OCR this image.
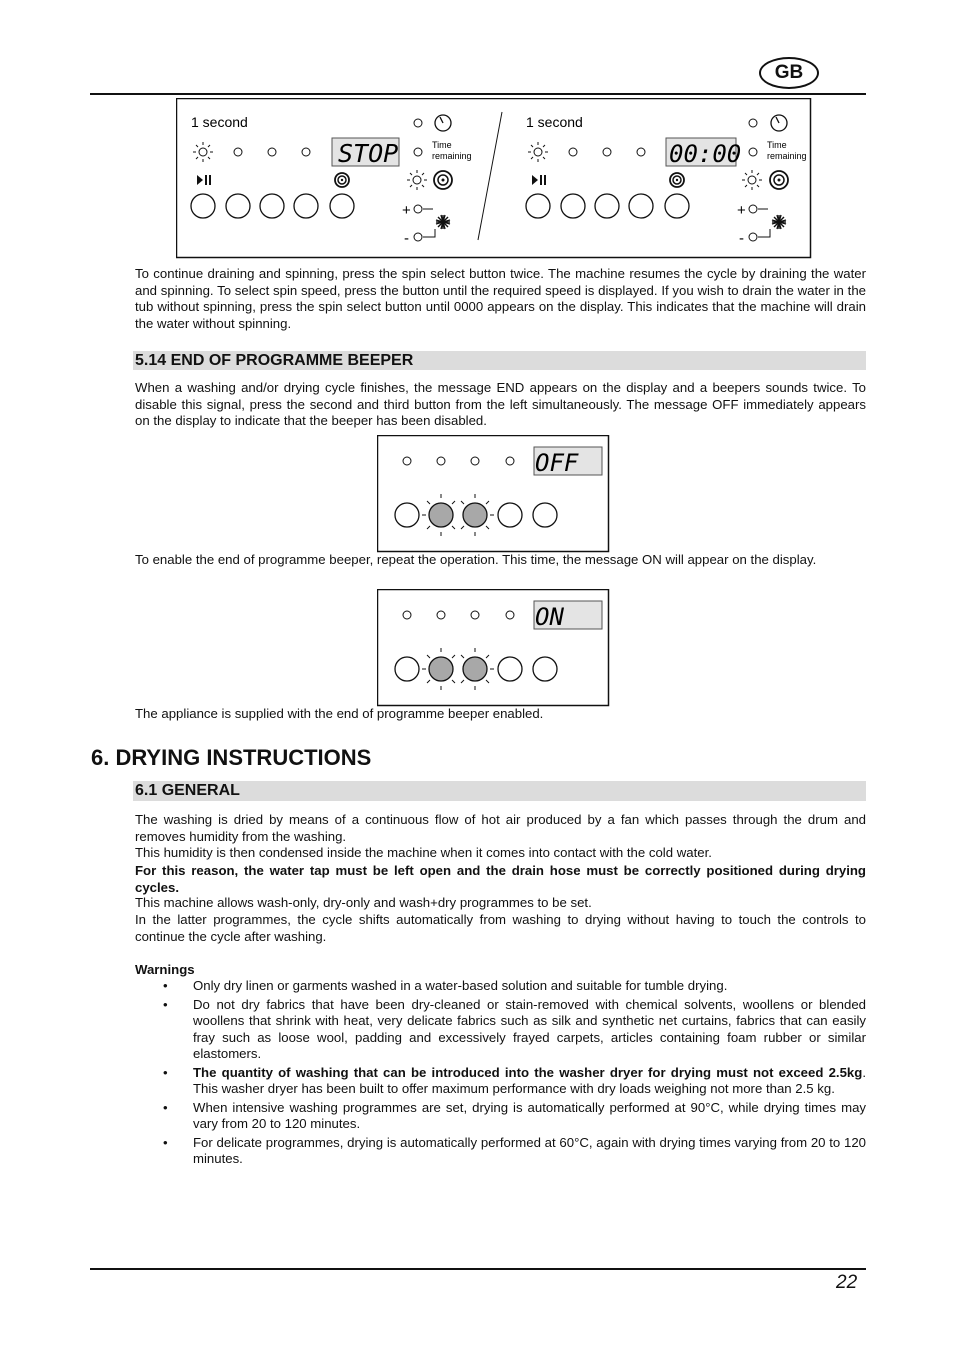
GB
1 second
STOP	Time
remaining
+
-
1 second
00:00	Time
remaining
+
-
To continue draining and spinning, press the spin select button twice. The machine resumes the cycle by draining the water and spinning. To select spin speed, press the button until the required speed is displayed. If you wish to drain the water in the tub without spinning, press the spin select button until 0000 appears on the display. This indicates that the machine will drain the water without spinning.
5.14 END OF PROGRAMME BEEPER
When a washing and/or drying cycle finishes, the message END appears on the display and a beepers sounds twice. To disable this signal, press the second and third button from the left simultaneously. The message OFF immediately appears on the display to indicate that the beeper has been disabled.
OFF
To enable the end of programme beeper, repeat the operation. This time, the message ON will appear on the display.
ON
The appliance is supplied with the end of programme beeper enabled.
6. DRYING INSTRUCTIONS
6.1 GENERAL
The washing is dried by means of a continuous flow of hot air produced by a fan which passes through the drum and removes humidity from the washing.
This humidity is then condensed inside the machine when it comes into contact with the cold water.
For this reason, the water tap must be left open and the drain hose must be correctly positioned during drying cycles.
This machine allows wash-only, dry-only and wash+dry programmes to be set.
In the latter programmes, the cycle shifts automatically from washing to drying without having to touch the controls to continue the cycle after washing.
Warnings
• Only dry linen or garments washed in a water-based solution and suitable for tumble drying.
• Do not dry fabrics that have been dry-cleaned or stain-removed with chemical solvents, woollens or blended woollens that shrink with heat, very delicate fabrics such as silk and synthetic net curtains, fabrics that can easily fray such as loose wool, padding and excessively frayed carpets, articles containing foam rubber or similar elastomers.
• The quantity of washing that can be introduced into the washer dryer for drying must not exceed 2.5kg. This washer dryer has been built to offer maximum performance with dry loads weighing not more than 2.5 kg.
• When intensive washing programmes are set, drying is automatically performed at 90°C, while drying times may vary from 20 to 120 minutes.
• For delicate programmes, drying is automatically performed at 60°C, again with drying times varying from 20 to 120 minutes.
22
